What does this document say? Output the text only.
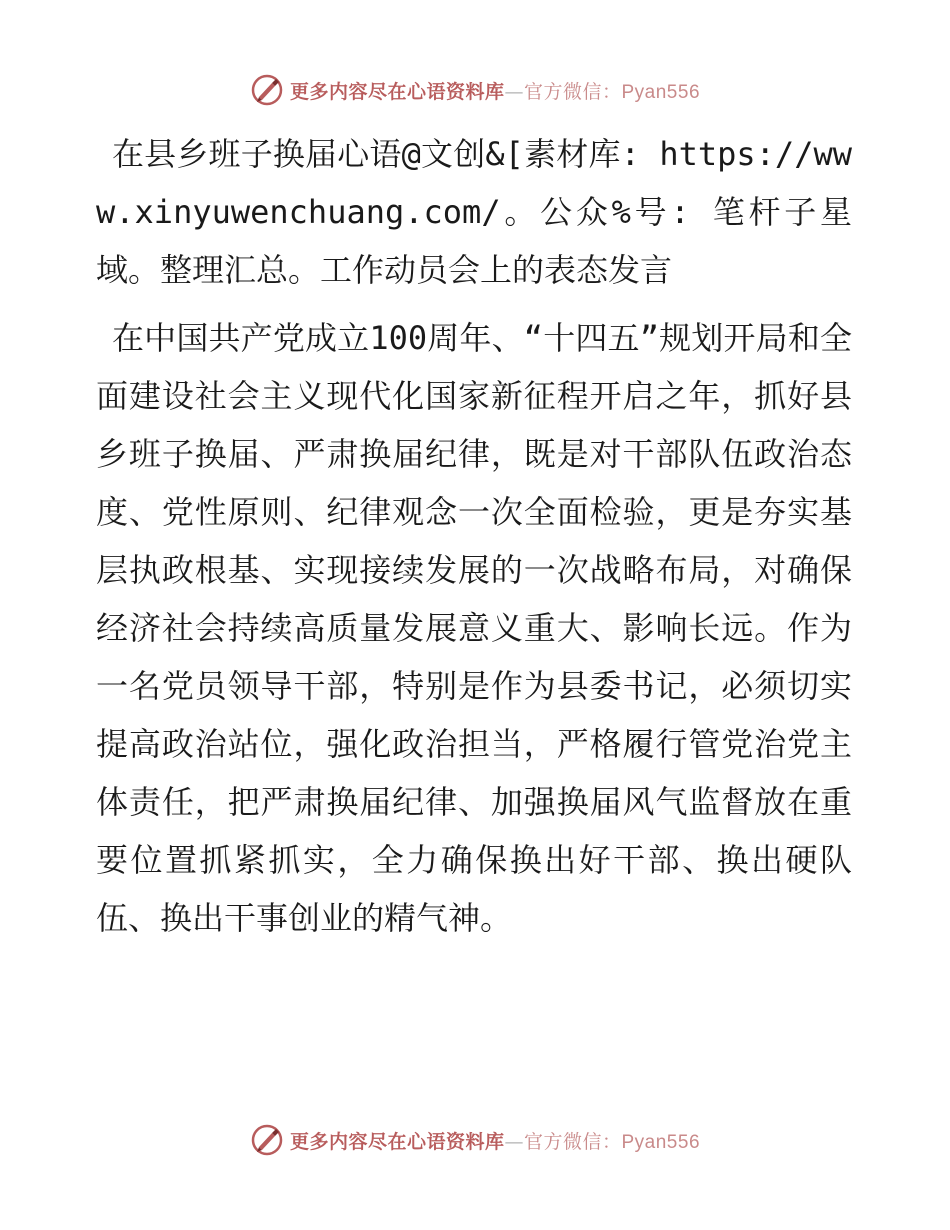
更多内容尽在心语资料库—官方微信：Pyan556

在县乡班子换届心语@文创&[素材库: https://www.xinyuwenchuang.com/。公众%号: 笔杆子星域。整理汇总。工作动员会上的表态发言

在中国共产党成立100周年、“十四五”规划开局和全面建设社会主义现代化国家新征程开启之年，抓好县乡班子换届、严肃换届纪律，既是对干部队伍政治态度、党性原则、纪律观念一次全面检验，更是夯实基层执政根基、实现接续发展的一次战略布局，对确保经济社会持续高质量发展意义重大、影响长远。作为一名党员领导干部，特别是作为县委书记，必须切实提高政治站位，强化政治担当，严格履行管党治党主体责任，把严肃换届纪律、加强换届风气监督放在重要位置抓紧抓实，全力确保换出好干部、换出硬队伍、换出干事创业的精气神。

更多内容尽在心语资料库—官方微信：Pyan556
